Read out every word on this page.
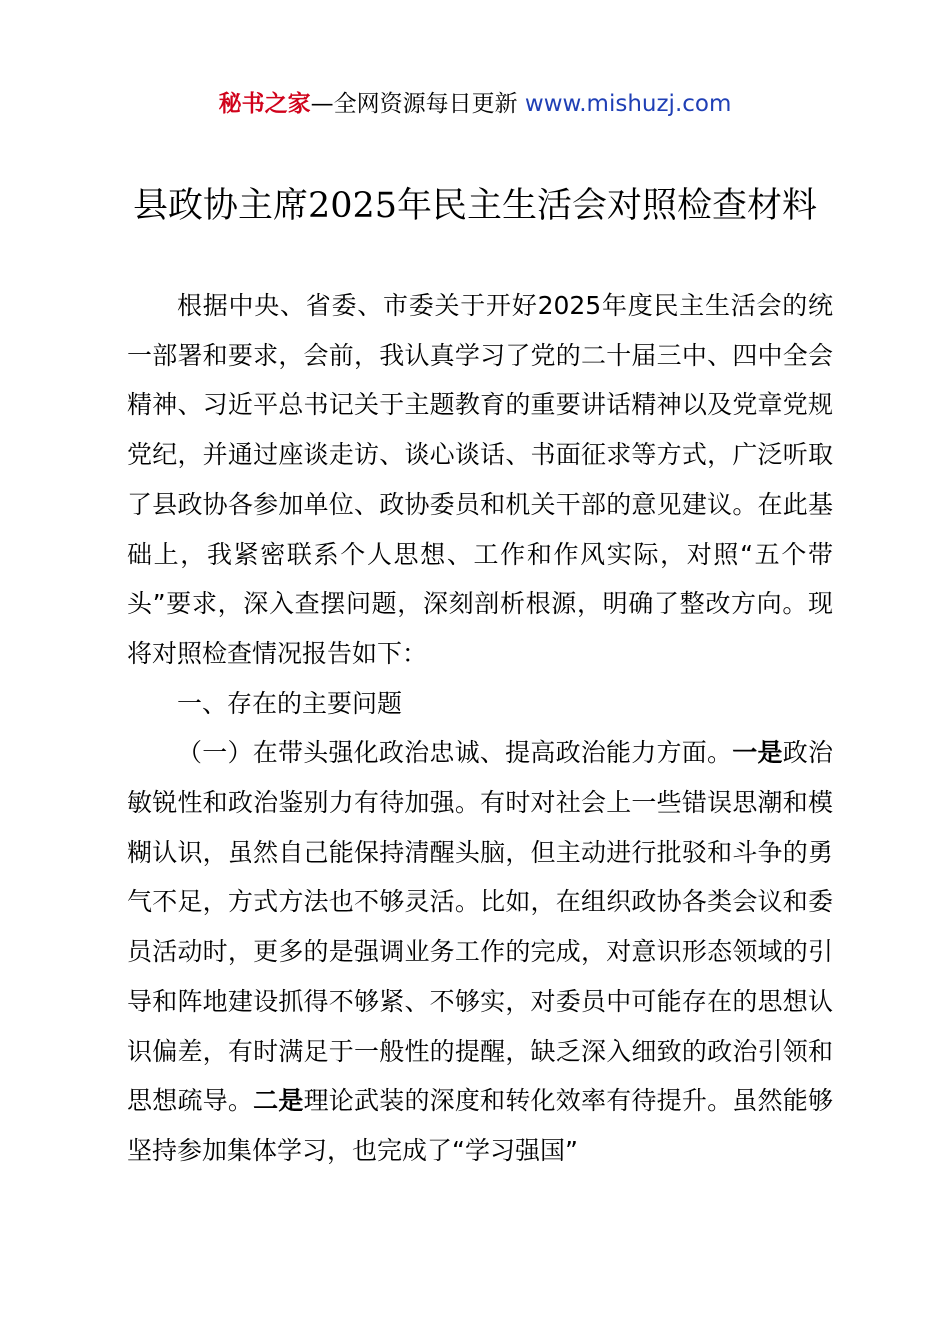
秘书之家—全网资源每日更新 www.mishuzj.com
县政协主席2025年民主生活会对照检查材料

根据中央、省委、市委关于开好2025年度民主生活会的统一部署和要求，会前，我认真学习了党的二十届三中、四中全会精神、习近平总书记关于主题教育的重要讲话精神以及党章党规党纪，并通过座谈走访、谈心谈话、书面征求等方式，广泛听取了县政协各参加单位、政协委员和机关干部的意见建议。在此基础上，我紧密联系个人思想、工作和作风实际，对照“五个带头”要求，深入查摆问题，深刻剖析根源，明确了整改方向。现将对照检查情况报告如下：

一、存在的主要问题

（一）在带头强化政治忠诚、提高政治能力方面。一是政治敏锐性和政治鉴别力有待加强。有时对社会上一些错误思潮和模糊认识，虽然自己能保持清醒头脑，但主动进行批驳和斗争的勇气不足，方式方法也不够灵活。比如，在组织政协各类会议和委员活动时，更多的是强调业务工作的完成，对意识形态领域的引导和阵地建设抓得不够紧、不够实，对委员中可能存在的思想认识偏差，有时满足于一般性的提醒，缺乏深入细致的政治引领和思想疏导。二是理论武装的深度和转化效率有待提升。虽然能够坚持参加集体学习，也完成了“学习强国”
